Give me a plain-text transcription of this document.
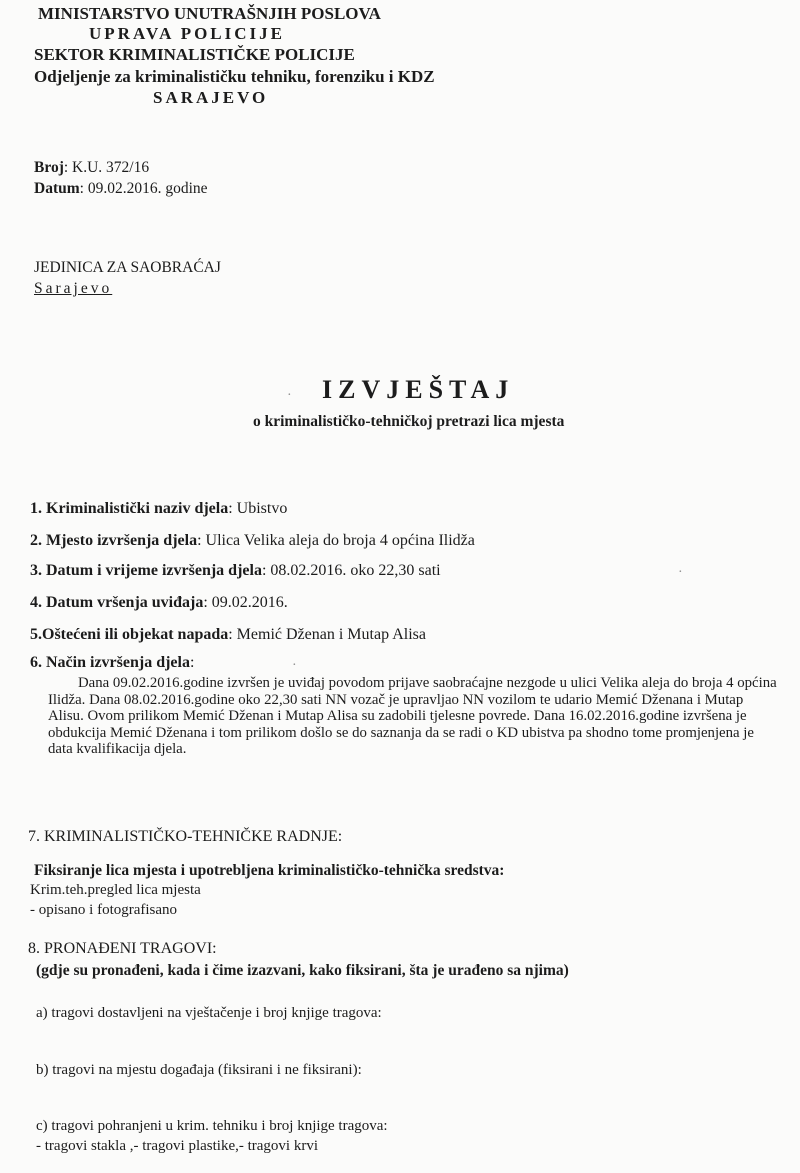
MINISTARSTVO UNUTRAŠNJIH POSLOVA
UPRAVA POLICIJE
SEKTOR KRIMINALISTIČKE POLICIJE
Odjeljenje za kriminalističku tehniku, forenziku i KDZ
SARAJEVO
Broj: K.U. 372/16
Datum: 09.02.2016. godine
JEDINICA ZA SAOBRAĆAJ
Sarajevo
IZVJEŠTAJ
o kriminalističko-tehničkoj pretrazi lica mjesta
1. Kriminalistički naziv djela: Ubistvo
2. Mjesto izvršenja djela: Ulica Velika aleja do broja 4 općina Ilidža
3. Datum i vrijeme izvršenja djela: 08.02.2016. oko 22,30 sati
4. Datum vršenja uviđaja: 09.02.2016.
5.Oštećeni ili objekat napada: Memić Dženan i Mutap Alisa
6. Način izvršenja djela:
Dana 09.02.2016.godine izvršen je uviđaj povodom prijave saobraćajne nezgode u ulici Velika aleja do broja 4 općina Ilidža. Dana 08.02.2016.godine oko 22,30 sati NN vozač je upravljao NN vozilom te udario Memić Dženana i Mutap Alisu. Ovom prilikom Memić Dženan i Mutap Alisa su zadobili tjelesne povrede. Dana 16.02.2016.godine izvršena je obdukcija Memić Dženana i tom prilikom došlo se do saznanja da se radi o KD ubistva pa shodno tome promjenjena je data kvalifikacija djela.
7. KRIMINALISTIČKO-TEHNIČKE RADNJE:
Fiksiranje lica mjesta i upotrebljena kriminalističko-tehnička sredstva:
Krim.teh.pregled lica mjesta
- opisano i fotografisano
8. PRONAĐENI TRAGOVI:
(gdje su pronađeni, kada i čime izazvani, kako fiksirani, šta je urađeno sa njima)
a) tragovi dostavljeni na vještačenje i broj knjige tragova:
b) tragovi na mjestu događaja (fiksirani i ne fiksirani):
c) tragovi pohranjeni u krim. tehniku i broj knjige tragova:
- tragovi stakla ,- tragovi plastike,- tragovi krvi
·
·
·
